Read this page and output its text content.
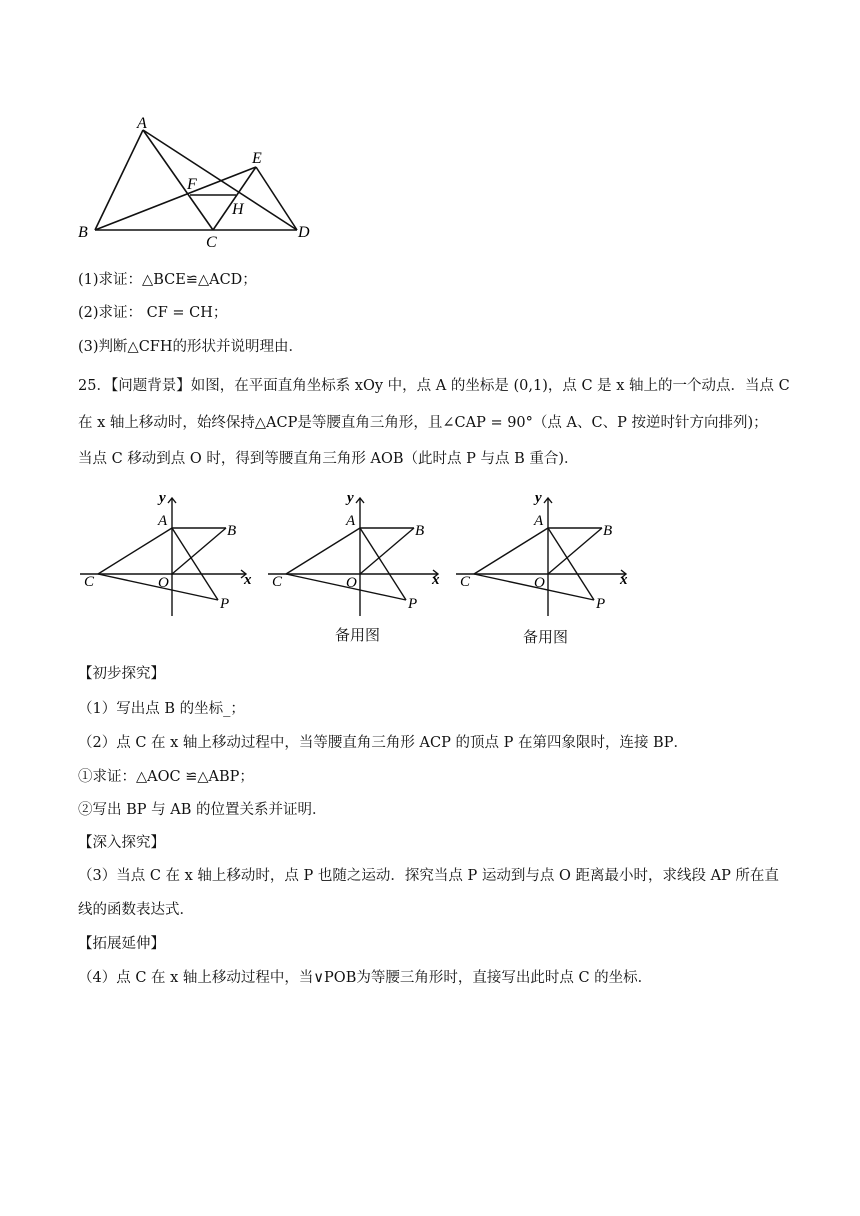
A
B
C
D
E
F
H
(1)求证：△BCE≌△ACD；
(2)求证： CF = CH；
(3)判断△CFH的形状并说明理由．
25．【问题背景】如图，在平面直角坐标系 xOy 中，点 A 的坐标是 (0,1)，点 C 是 x 轴上的一个动点．当点 C
在 x 轴上移动时，始终保持△ACP是等腰直角三角形，且∠CAP = 90°（点 A、C、P 按逆时针方向排列)；
当点 C 移动到点 O 时，得到等腰直角三角形 AOB（此时点 P 与点 B 重合)．
y
x
A
B
C	O
P
y
x
A
B
C	O
P
y
x
A
B
C	O
P
备用图	备用图
【初步探究】
（1）写出点 B 的坐标_；
（2）点 C 在 x 轴上移动过程中，当等腰直角三角形 ACP 的顶点 P 在第四象限时，连接 BP．
①求证：△AOC ≌△ABP；
②写出 BP 与 AB 的位置关系并证明．
【深入探究】
（3）当点 C 在 x 轴上移动时，点 P 也随之运动．探究当点 P 运动到与点 O 距离最小时，求线段 AP 所在直
线的函数表达式．
【拓展延伸】
（4）点 C 在 x 轴上移动过程中，当∨POB为等腰三角形时，直接写出此时点 C 的坐标．
